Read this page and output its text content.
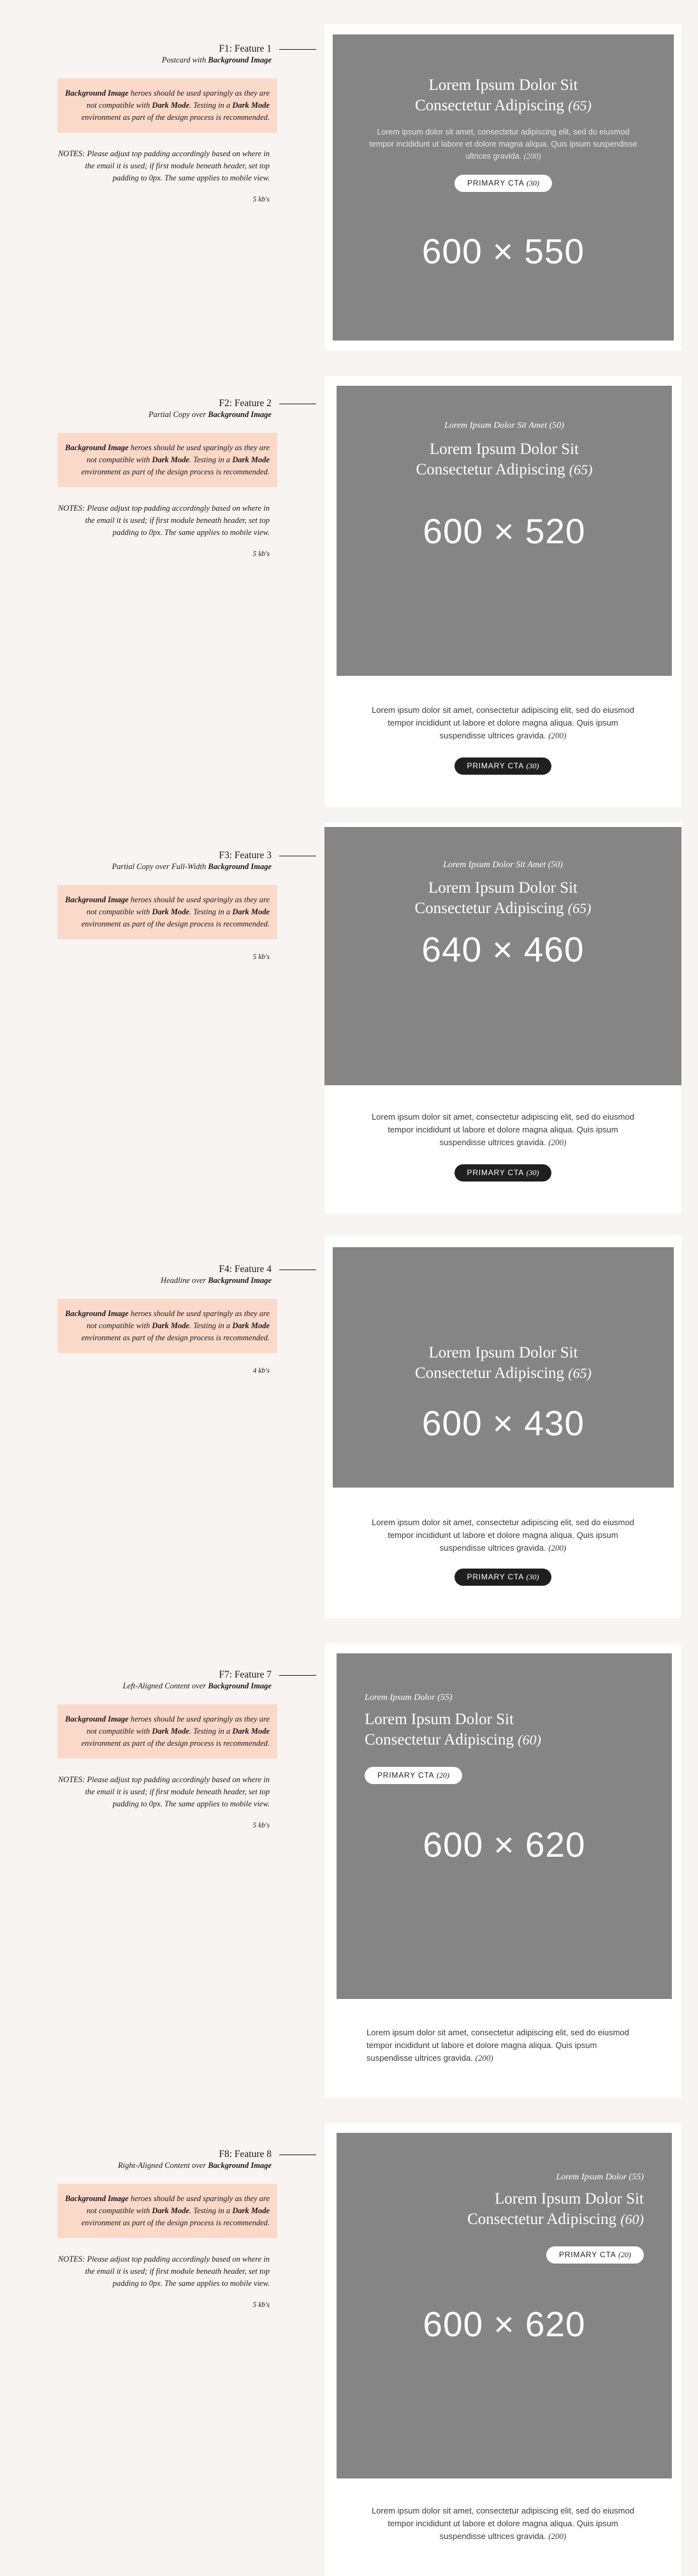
F1: Feature 1
Postcard with Background Image
Background Image heroes should be used sparingly as they are not compatible with Dark Mode. Testing in a Dark Mode environment as part of the design process is recommended.
NOTES: Please adjust top padding accordingly based on where in the email it is used; if first module beneath header, set top padding to 0px. The same applies to mobile view.
5 kb's
Lorem Ipsum Dolor Sit
Consectetur Adipiscing (65)
Lorem ipsum dolor sit amet, consectetur adipiscing elit, sed do eiusmod tempor incididunt ut labore et dolore magna aliqua. Quis ipsum suspendisse ultrices gravida. (200)
PRIMARY CTA (30)
600 × 550
F2: Feature 2
Partial Copy over Background Image
Background Image heroes should be used sparingly as they are not compatible with Dark Mode. Testing in a Dark Mode environment as part of the design process is recommended.
NOTES: Please adjust top padding accordingly based on where in the email it is used; if first module beneath header, set top padding to 0px. The same applies to mobile view.
5 kb's
Lorem Ipsum Dolor Sit Amet (50)
Lorem Ipsum Dolor Sit
Consectetur Adipiscing (65)
600 × 520
Lorem ipsum dolor sit amet, consectetur adipiscing elit, sed do eiusmod tempor incididunt ut labore et dolore magna aliqua. Quis ipsum suspendisse ultrices gravida. (200)
PRIMARY CTA (30)
F3: Feature 3
Partial Copy over Full-Width Background Image
Background Image heroes should be used sparingly as they are not compatible with Dark Mode. Testing in a Dark Mode environment as part of the design process is recommended.
5 kb's
Lorem Ipsum Dolor Sit Amet (50)
Lorem Ipsum Dolor Sit
Consectetur Adipiscing (65)
640 × 460
Lorem ipsum dolor sit amet, consectetur adipiscing elit, sed do eiusmod tempor incididunt ut labore et dolore magna aliqua. Quis ipsum suspendisse ultrices gravida. (200)
PRIMARY CTA (30)
F4: Feature 4
Headline over Background Image
Background Image heroes should be used sparingly as they are not compatible with Dark Mode. Testing in a Dark Mode environment as part of the design process is recommended.
4 kb's
Lorem Ipsum Dolor Sit
Consectetur Adipiscing (65)
600 × 430
Lorem ipsum dolor sit amet, consectetur adipiscing elit, sed do eiusmod tempor incididunt ut labore et dolore magna aliqua. Quis ipsum suspendisse ultrices gravida. (200)
PRIMARY CTA (30)
F7: Feature 7
Left-Aligned Content over Background Image
Background Image heroes should be used sparingly as they are not compatible with Dark Mode. Testing in a Dark Mode environment as part of the design process is recommended.
NOTES: Please adjust top padding accordingly based on where in the email it is used; if first module beneath header, set top padding to 0px. The same applies to mobile view.
5 kb's
Lorem Ipsum Dolor (55)
Lorem Ipsum Dolor Sit
Consectetur Adipiscing (60)
PRIMARY CTA (20)
600 × 620
Lorem ipsum dolor sit amet, consectetur adipiscing elit, sed do eiusmod tempor incididunt ut labore et dolore magna aliqua. Quis ipsum suspendisse ultrices gravida. (200)
F8: Feature 8
Right-Aligned Content over Background Image
Background Image heroes should be used sparingly as they are not compatible with Dark Mode. Testing in a Dark Mode environment as part of the design process is recommended.
NOTES: Please adjust top padding accordingly based on where in the email it is used; if first module beneath header, set top padding to 0px. The same applies to mobile view.
5 kb's
Lorem Ipsum Dolor (55)
Lorem Ipsum Dolor Sit
Consectetur Adipiscing (60)
PRIMARY CTA (20)
600 × 620
Lorem ipsum dolor sit amet, consectetur adipiscing elit, sed do eiusmod tempor incididunt ut labore et dolore magna aliqua. Quis ipsum suspendisse ultrices gravida. (200)
